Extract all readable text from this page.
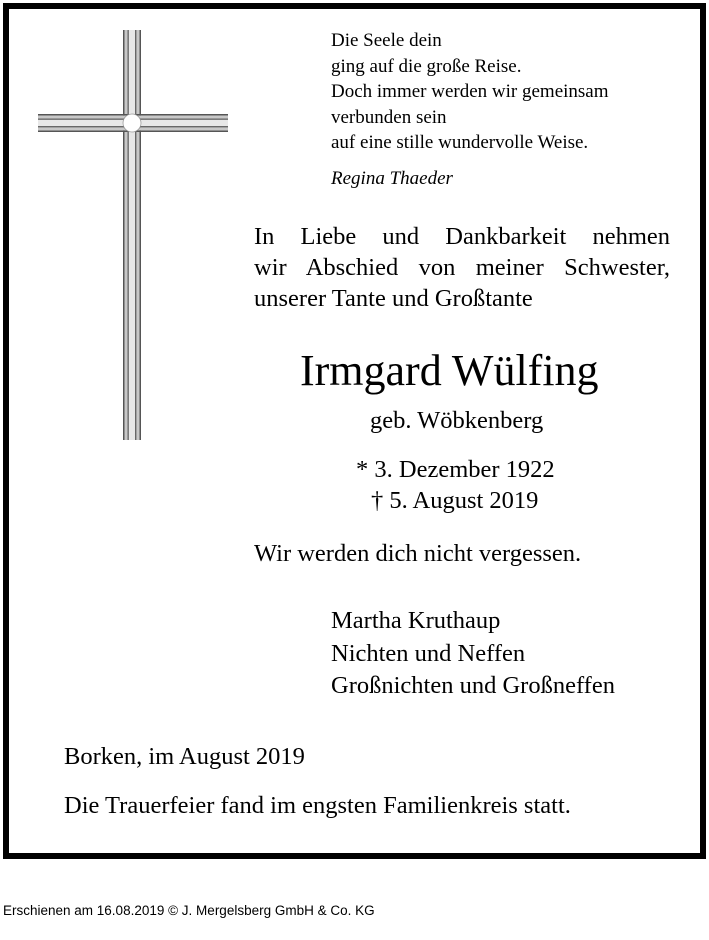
Die Seele dein
ging auf die große Reise.
Doch immer werden wir gemeinsam
verbunden sein
auf eine stille wundervolle Weise.
Regina Thaeder
In Liebe und Dankbarkeit nehmen
wir Abschied von meiner Schwester,
unserer Tante und Großtante
Irmgard Wülfing
geb. Wöbkenberg
* 3. Dezember 1922
† 5. August 2019
Wir werden dich nicht vergessen.
Martha Kruthaup
Nichten und Neffen
Großnichten und Großneffen
Borken, im August 2019
Die Trauerfeier fand im engsten Familienkreis statt.
Erschienen am 16.08.2019 © J. Mergelsberg GmbH & Co. KG
